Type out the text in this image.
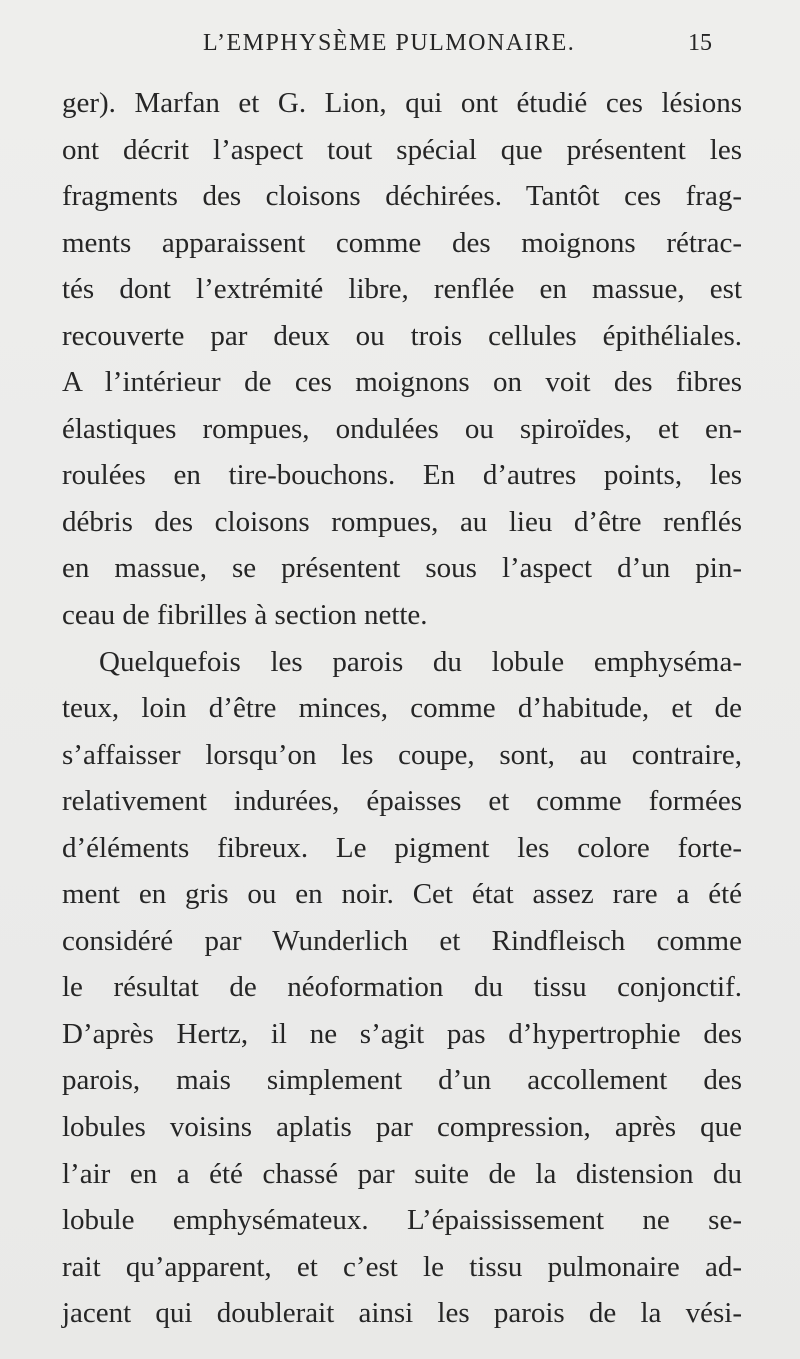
L’EMPHYSÈME PULMONAIRE.	15
ger). Marfan et G. Lion, qui ont étudié ces lésions
ont décrit l’aspect tout spécial que présentent les
fragments des cloisons déchirées. Tantôt ces frag-
ments apparaissent comme des moignons rétrac-
tés dont l’extrémité libre, renflée en massue, est
recouverte par deux ou trois cellules épithéliales.
A l’intérieur de ces moignons on voit des fibres
élastiques rompues, ondulées ou spiroïdes, et en-
roulées en tire-bouchons. En d’autres points, les
débris des cloisons rompues, au lieu d’être renflés
en massue, se présentent sous l’aspect d’un pin-
ceau de fibrilles à section nette.
Quelquefois les parois du lobule emphyséma-
teux, loin d’être minces, comme d’habitude, et de
s’affaisser lorsqu’on les coupe, sont, au contraire,
relativement indurées, épaisses et comme formées
d’éléments fibreux. Le pigment les colore forte-
ment en gris ou en noir. Cet état assez rare a été
considéré par Wunderlich et Rindfleisch comme
le résultat de néoformation du tissu conjonctif.
D’après Hertz, il ne s’agit pas d’hypertrophie des
parois, mais simplement d’un accollement des
lobules voisins aplatis par compression, après que
l’air en a été chassé par suite de la distension du
lobule emphysémateux. L’épaississement ne se-
rait qu’apparent, et c’est le tissu pulmonaire ad-
jacent qui doublerait ainsi les parois de la vési-
